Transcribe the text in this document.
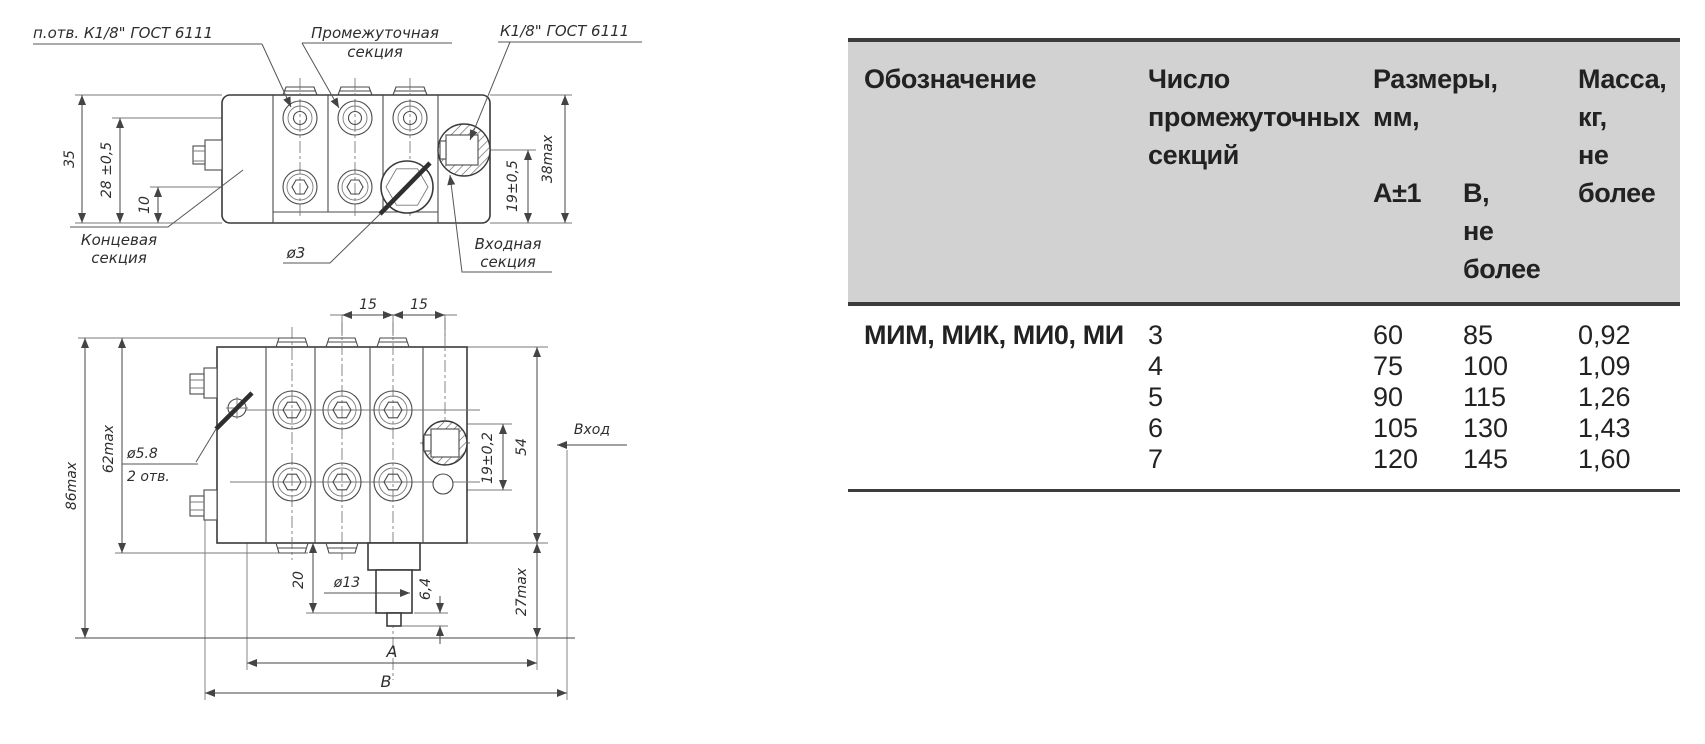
35 28 ±0,5
10	19±0,5
38max
п.отв. К1/8" ГОСТ 6111	Промежуточная
секция
К1/8" ГОСТ 6111
Концевая
секция	ø3	Входная
секция
15 15
86max
62max ø5.8
2 отв.	19±0,2 54
27max
Вход
20 ø13	6,4
A
B
Обозначение	Число
промежуточных
секций
Размеры,
мм,
А±1	В,
не
более
Масса,
кг,
не
более
МИМ, МИК, МИ0, МИ 3	60	85	0,92
4	75	100	1,09
5	90	115	1,26
6	105	130	1,43
7	120	145	1,60
